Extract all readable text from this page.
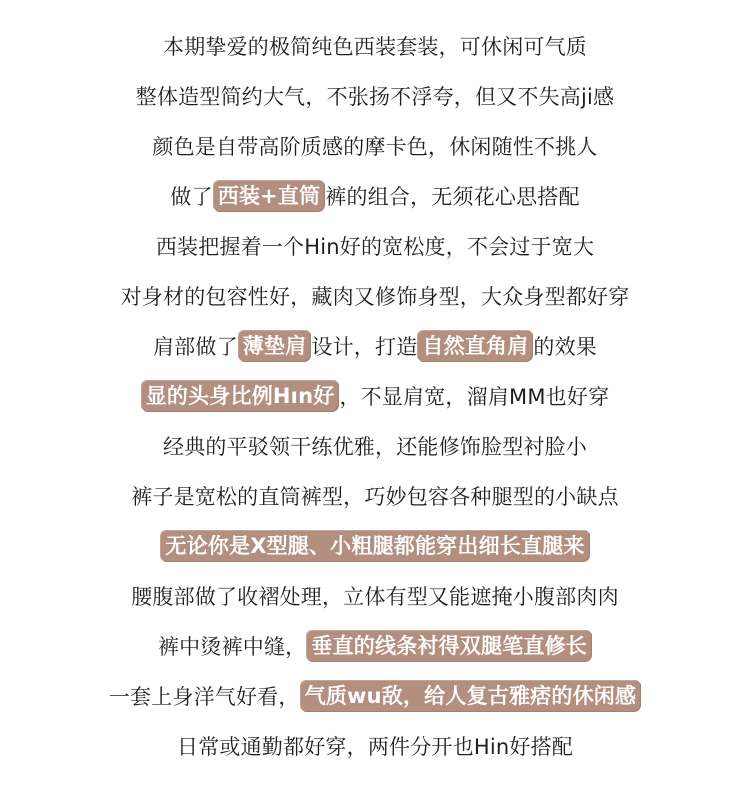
本期挚爱的极简纯色西装套装，可休闲可气质
整体造型简约大气，不张扬不浮夸，但又不失高ji感
颜色是自带高阶质感的摩卡色，休闲随性不挑人
做了 西装+直筒 裤的组合，无须花心思搭配
西装把握着一个Hin好的宽松度，不会过于宽大
对身材的包容性好，藏肉又修饰身型，大众身型都好穿
肩部做了 薄垫肩 设计，打造 自然直角肩 的效果
显的头身比例Hın好 ，不显肩宽，溜肩MM也好穿
经典的平驳领干练优雅，还能修饰脸型衬脸小
裤子是宽松的直筒裤型，巧妙包容各种腿型的小缺点
无论你是X型腿、小粗腿都能穿出细长直腿来
腰腹部做了收褶处理，立体有型又能遮掩小腹部肉肉
裤中烫裤中缝， 垂直的线条衬得双腿笔直修长
一套上身洋气好看， 气质wu敌，给人复古雅痞的休闲感
日常或通勤都好穿，两件分开也Hin好搭配
